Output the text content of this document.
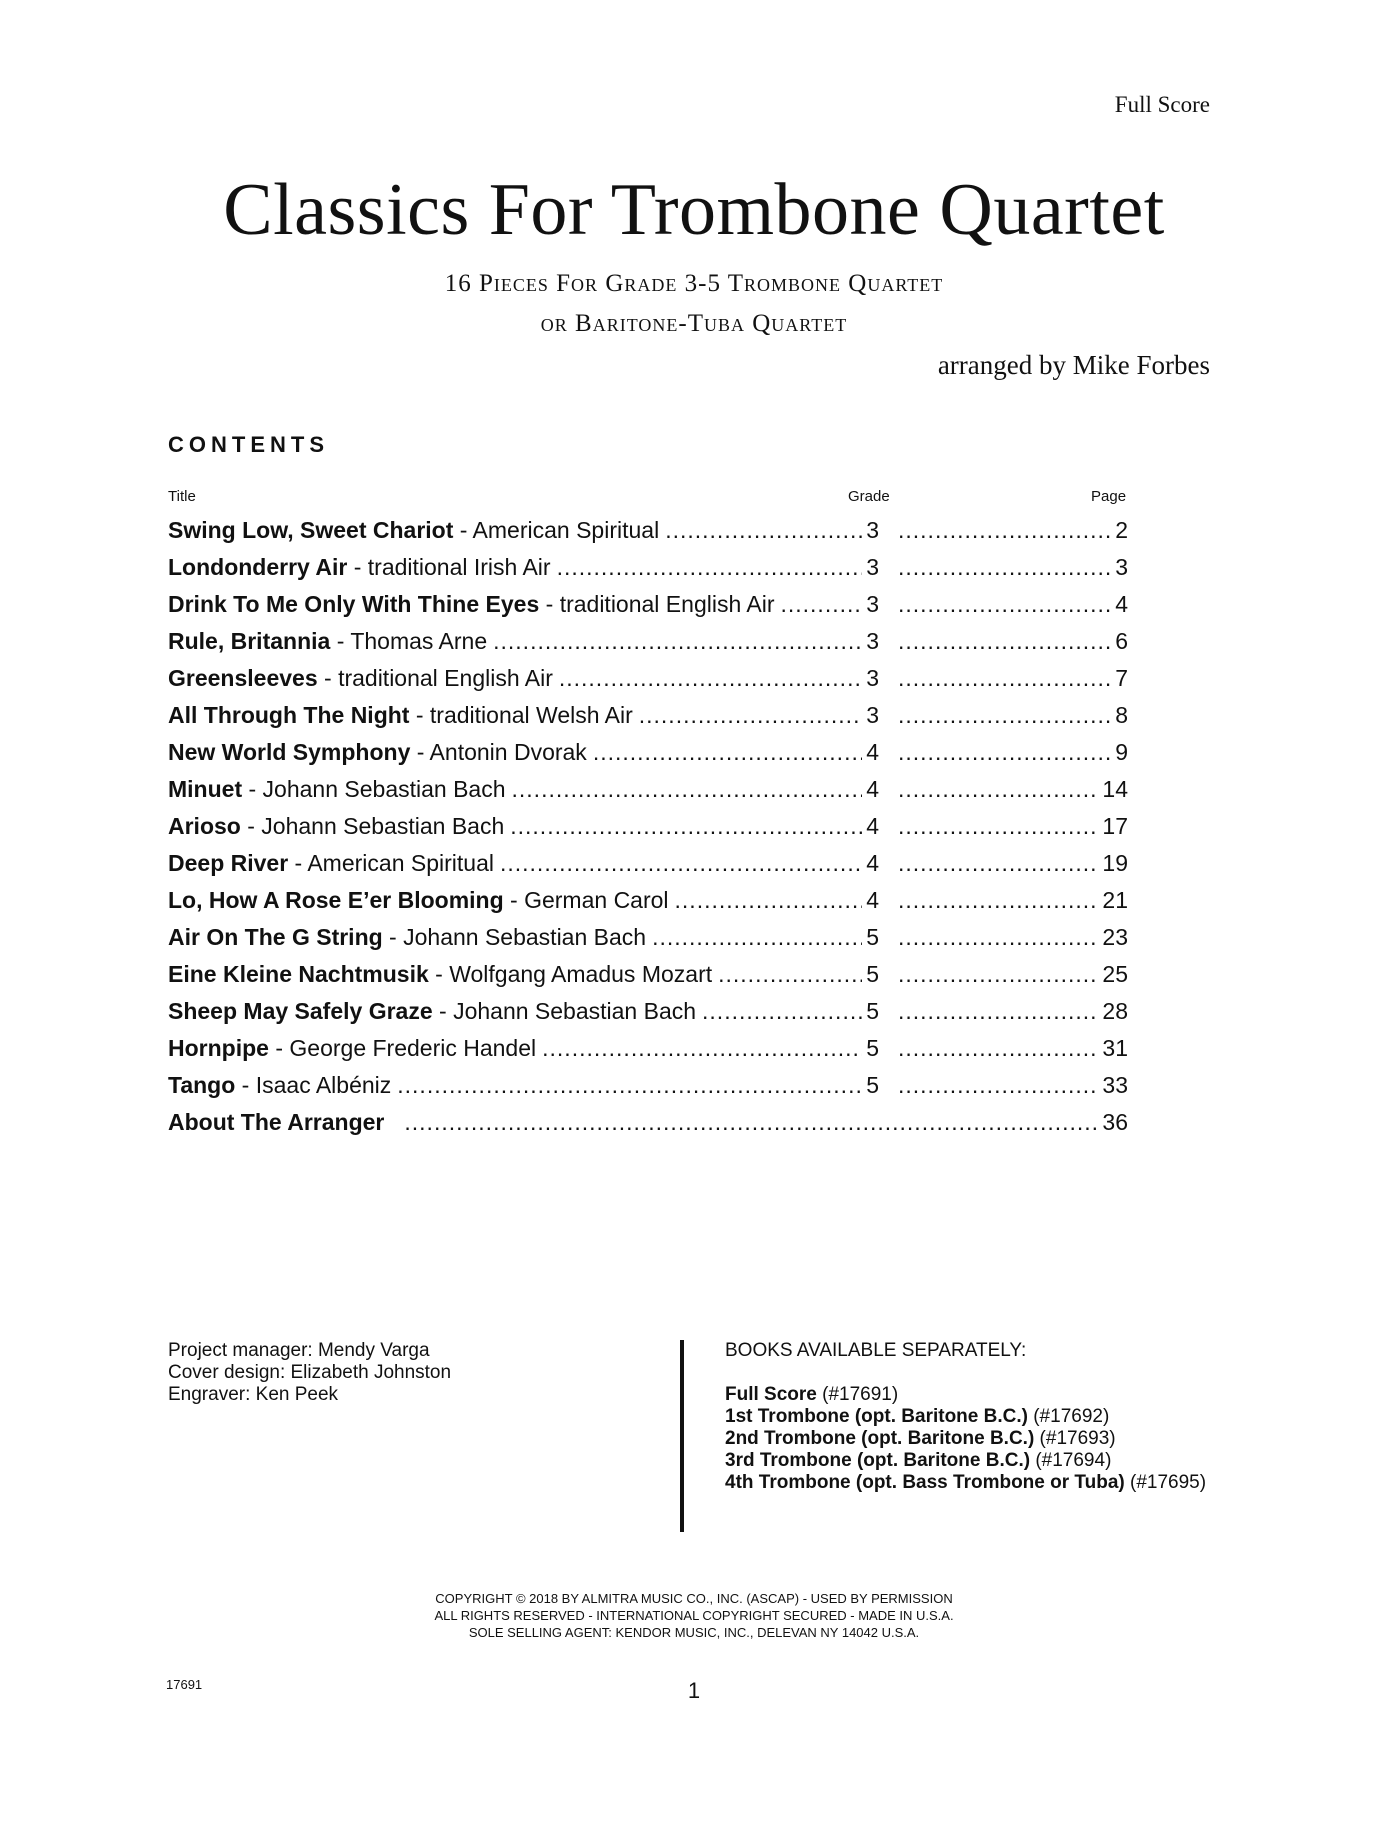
Full Score
Classics For Trombone Quartet
16 Pieces For Grade 3-5 Trombone Quartet
or Baritone-Tuba Quartet
arranged by Mike Forbes
CONTENTS
Title	Grade	Page
Swing Low, Sweet Chariot - American Spiritual .....	3 .....	2
Londonderry Air - traditional Irish Air .....	3 .....	3
Drink To Me Only With Thine Eyes - traditional English Air .....	3 .....	4
Rule, Britannia - Thomas Arne .....	3 .....	6
Greensleeves - traditional English Air .....	3 .....	7
All Through The Night - traditional Welsh Air .....	3 .....	8
New World Symphony - Antonin Dvorak .....	4 .....	9
Minuet - Johann Sebastian Bach .....	4 .....	14
Arioso - Johann Sebastian Bach .....	4 .....	17
Deep River - American Spiritual .....	4 .....	19
Lo, How A Rose E’er Blooming - German Carol .....	4 .....	21
Air On The G String - Johann Sebastian Bach .....	5 .....	23
Eine Kleine Nachtmusik - Wolfgang Amadus Mozart .....	5 .....	25
Sheep May Safely Graze - Johann Sebastian Bach .....	5 .....	28
Hornpipe - George Frederic Handel .....	5 .....	31
Tango - Isaac Albéniz .....	5 .....	33
About The Arranger .....	36
Project manager: Mendy Varga
Cover design: Elizabeth Johnston
Engraver: Ken Peek
BOOKS AVAILABLE SEPARATELY:
Full Score (#17691)
1st Trombone (opt. Baritone B.C.) (#17692)
2nd Trombone (opt. Baritone B.C.) (#17693)
3rd Trombone (opt. Baritone B.C.) (#17694)
4th Trombone (opt. Bass Trombone or Tuba) (#17695)
COPYRIGHT © 2018 BY ALMITRA MUSIC CO., INC. (ASCAP) - USED BY PERMISSION
ALL RIGHTS RESERVED - INTERNATIONAL COPYRIGHT SECURED - MADE IN U.S.A.
SOLE SELLING AGENT: KENDOR MUSIC, INC., DELEVAN NY 14042 U.S.A.
17691	1
